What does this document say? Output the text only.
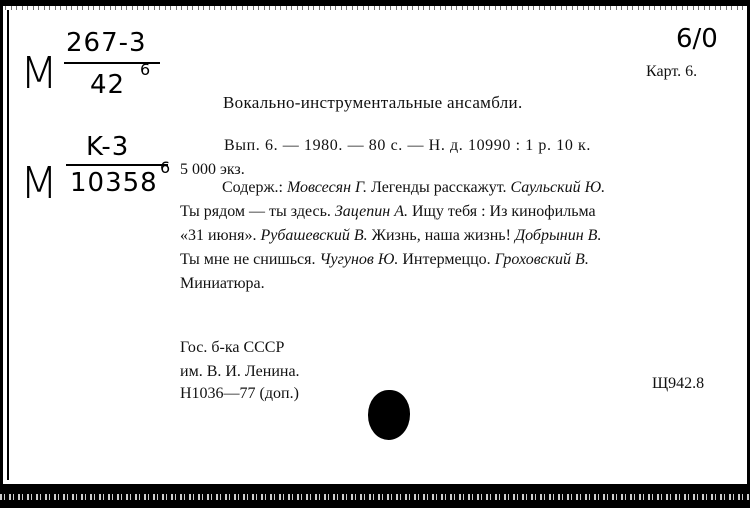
M
267-3
42
6
M
K-3
10358
6
6/0
Карт. 6.
Вокально-инструментальные ансамбли.
Вып. 6. — 1980. — 80 с. — Н. д. 10990 : 1 р. 10 к.
5 000 экз.
Содерж.: Мовсесян Г. Легенды расскажут. Саульский Ю.
Ты рядом — ты здесь. Зацепин А. Ищу тебя : Из кинофильма
«31 июня». Рубашевский В. Жизнь, наша жизнь! Добрынин В.
Ты мне не снишься. Чугунов Ю. Интермеццо. Гроховский В.
Миниатюра.
Гос. б-ка СССР
им. В. И. Ленина.
Н1036—77 (доп.)
Щ942.8
